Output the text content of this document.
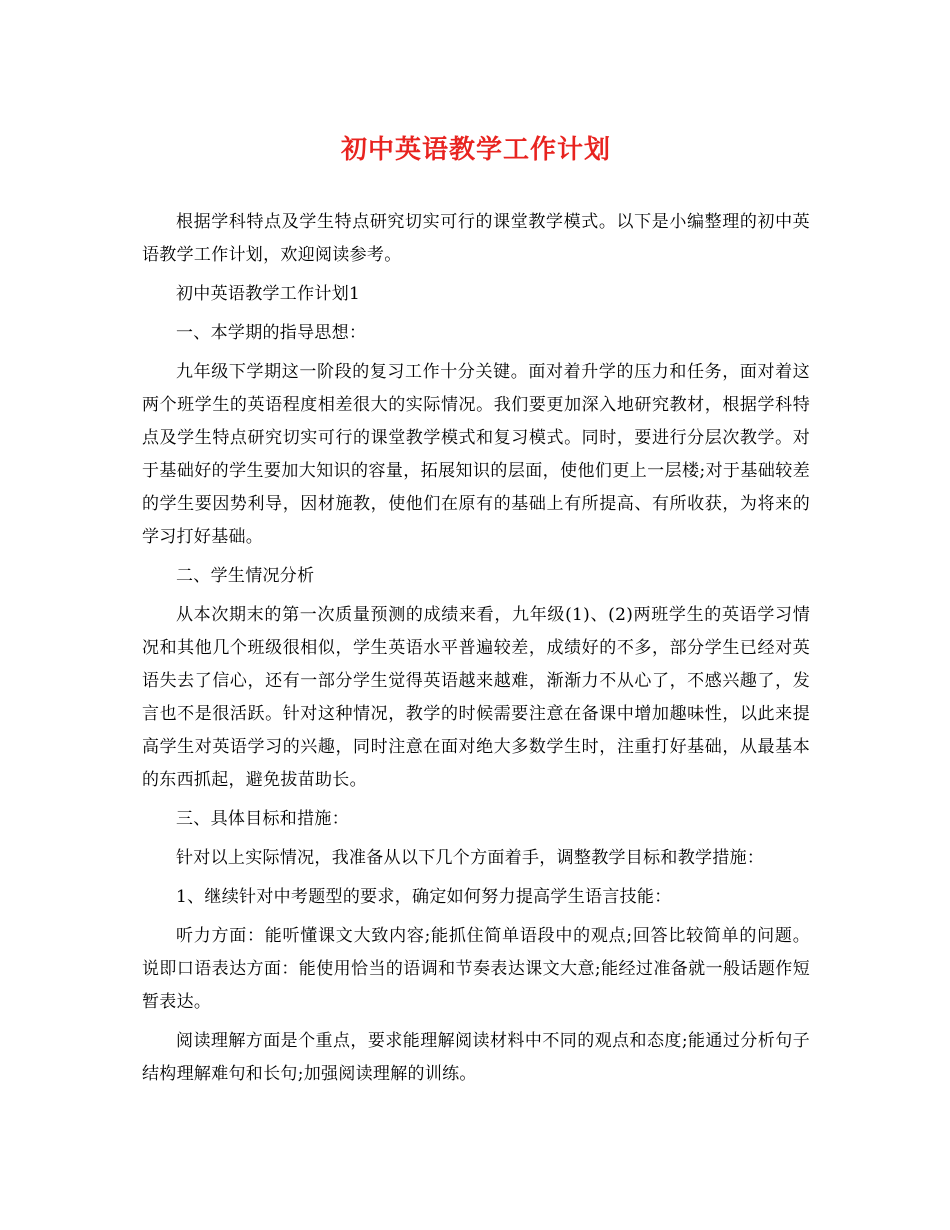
初中英语教学工作计划

根据学科特点及学生特点研究切实可行的课堂教学模式。以下是小编整理的初中英语教学工作计划，欢迎阅读参考。

初中英语教学工作计划1

一、本学期的指导思想：

九年级下学期这一阶段的复习工作十分关键。面对着升学的压力和任务，面对着这两个班学生的英语程度相差很大的实际情况。我们要更加深入地研究教材，根据学科特点及学生特点研究切实可行的课堂教学模式和复习模式。同时，要进行分层次教学。对于基础好的学生要加大知识的容量，拓展知识的层面，使他们更上一层楼;对于基础较差的学生要因势利导，因材施教，使他们在原有的基础上有所提高、有所收获，为将来的学习打好基础。

二、学生情况分析

从本次期末的第一次质量预测的成绩来看，九年级(1)、(2)两班学生的英语学习情况和其他几个班级很相似，学生英语水平普遍较差，成绩好的不多，部分学生已经对英语失去了信心，还有一部分学生觉得英语越来越难，渐渐力不从心了，不感兴趣了，发言也不是很活跃。针对这种情况，教学的时候需要注意在备课中增加趣味性，以此来提高学生对英语学习的兴趣，同时注意在面对绝大多数学生时，注重打好基础，从最基本的东西抓起，避免拔苗助长。

三、具体目标和措施：

针对以上实际情况，我准备从以下几个方面着手，调整教学目标和教学措施：

1、继续针对中考题型的要求，确定如何努力提高学生语言技能：

听力方面：能听懂课文大致内容;能抓住简单语段中的观点;回答比较简单的问题。说即口语表达方面：能使用恰当的语调和节奏表达课文大意;能经过准备就一般话题作短暂表达。

阅读理解方面是个重点，要求能理解阅读材料中不同的观点和态度;能通过分析句子结构理解难句和长句;加强阅读理解的训练。
